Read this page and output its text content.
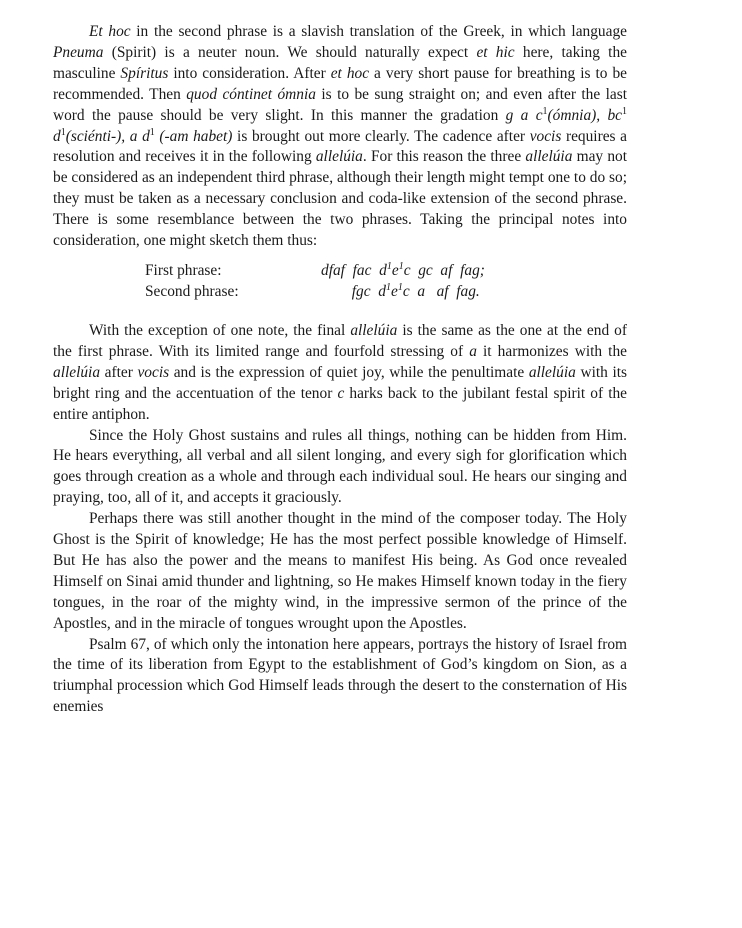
Et hoc in the second phrase is a slavish translation of the Greek, in which language Pneuma (Spirit) is a neuter noun. We should naturally expect et hic here, taking the masculine Spíritus into consideration. After et hoc a very short pause for breathing is to be recommended. Then quod cóntinet ómnia is to be sung straight on; and even after the last word the pause should be very slight. In this manner the gradation g a $c^1(ómnia)$, $bc^1$ $d^1(sciénti-)$, a $d^1$ (-am habet) is brought out more clearly. The cadence after vocis requires a resolution and receives it in the following allelúia. For this reason the three allelúia may not be considered as an independent third phrase, although their length might tempt one to do so; they must be taken as a necessary conclusion and coda-like extension of the second phrase. There is some resemblance between the two phrases. Taking the principal notes into consideration, one might sketch them thus:

First phrase:	dfaf  fac  $d^1e^1c$  gc  af  fag;
Second phrase:	fgc  $d^1e^1c$  a   af  fag.

With the exception of one note, the final allelúia is the same as the one at the end of the first phrase. With its limited range and fourfold stressing of a it harmonizes with the allelúia after vocis and is the expression of quiet joy, while the penultimate allelúia with its bright ring and the accentuation of the tenor c harks back to the jubilant festal spirit of the entire antiphon.

Since the Holy Ghost sustains and rules all things, nothing can be hidden from Him. He hears everything, all verbal and all silent longing, and every sigh for glorification which goes through creation as a whole and through each individual soul. He hears our singing and praying, too, all of it, and accepts it graciously.

Perhaps there was still another thought in the mind of the composer today. The Holy Ghost is the Spirit of knowledge; He has the most perfect possible knowledge of Himself. But He has also the power and the means to manifest His being. As God once revealed Himself on Sinai amid thunder and lightning, so He makes Himself known today in the fiery tongues, in the roar of the mighty wind, in the impressive sermon of the prince of the Apostles, and in the miracle of tongues wrought upon the Apostles.

Psalm 67, of which only the intonation here appears, portrays the history of Israel from the time of its liberation from Egypt to the establishment of God’s kingdom on Sion, as a triumphal procession which God Himself leads through the desert to the consternation of His enemies
